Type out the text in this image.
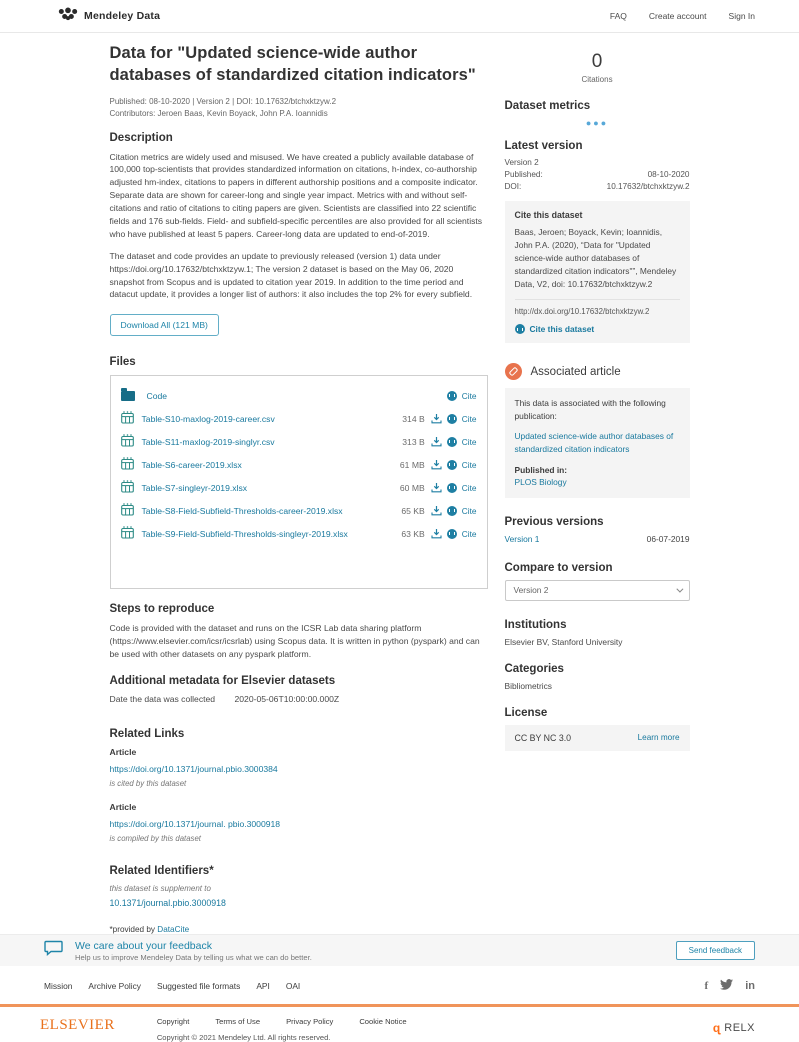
Mendeley Data	FAQ	Create account	Sign In
Data for "Updated science-wide author databases of standardized citation indicators"
Published: 08-10-2020 | Version 2 | DOI: 10.17632/btchxktzyw.2
Contributors: Jeroen Baas, Kevin Boyack, John P.A. Ioannidis
Description

Citation metrics are widely used and misused. We have created a publicly available database of 100,000 top-scientists that provides standardized information on citations, h-index, co-authorship adjusted hm-index, citations to papers in different authorship positions and a composite indicator. Separate data are shown for career-long and single year impact. Metrics with and without self-citations and ratio of citations to citing papers are given. Scientists are classified into 22 scientific fields and 176 sub-fields. Field- and subfield-specific percentiles are also provided for all scientists who have published at least 5 papers. Career-long data are updated to end-of-2019.

The dataset and code provides an update to previously released (version 1) data under https://doi.org/10.17632/btchxktzyw.1; The version 2 dataset is based on the May 06, 2020 snapshot from Scopus and is updated to citation year 2019. In addition to the time period and datacut update, it provides a longer list of authors: it also includes the top 2% for every subfield.

Download All (121 MB)
Files
Code	Cite
Table-S10-maxlog-2019-career.csv	314 B	Cite
Table-S11-maxlog-2019-singlyr.csv	313 B	Cite
Table-S6-career-2019.xlsx	61 MB	Cite
Table-S7-singleyr-2019.xlsx	60 MB	Cite
Table-S8-Field-Subfield-Thresholds-career-2019.xlsx	65 KB	Cite
Table-S9-Field-Subfield-Thresholds-singleyr-2019.xlsx	63 KB	Cite
Steps to reproduce

Code is provided with the dataset and runs on the ICSR Lab data sharing platform (https://www.elsevier.com/icsr/icsrlab) using Scopus data. It is written in python (pyspark) and can be used with other datasets on any pyspark platform.

Additional metadata for Elsevier datasets
Date the data was collected	2020-05-06T10:00:00.000Z
Related Links
Article
https://doi.org/10.1371/journal.pbio.3000384
is cited by this dataset
Article
https://doi.org/10.1371/journal. pbio.3000918
is compiled by this dataset
Related Identifiers*
this dataset is supplement to
10.1371/journal.pbio.3000918
*provided by DataCite
0
Citations
Dataset metrics
●●●
Latest version
Version 2
Published:	08-10-2020
DOI:	10.17632/btchxktzyw.2
Cite this dataset
Baas, Jeroen; Boyack, Kevin; Ioannidis, John P.A. (2020), “Data for "Updated science-wide author databases of standardized citation indicators"”, Mendeley Data, V2, doi: 10.17632/btchxktzyw.2
http://dx.doi.org/10.17632/btchxktzyw.2
Cite this dataset
Associated article
This data is associated with the following publication:
Updated science-wide author databases of standardized citation indicators
Published in:
PLOS Biology
Previous versions
Version 1	06-07-2019
Compare to version
Version 2
Institutions
Elsevier BV, Stanford University
Categories
Bibliometrics
License
CC BY NC 3.0	Learn more
We care about your feedback
Help us to improve Mendeley Data by telling us what we can do better.
Send feedback
Mission Archive Policy Suggested file formats API OAI	f	in
ELSEVIER	Copyright	Terms of Use	Privacy Policy	Cookie Notice
Copyright © 2021 Mendeley Ltd. All rights reserved.
ɋ RELX
